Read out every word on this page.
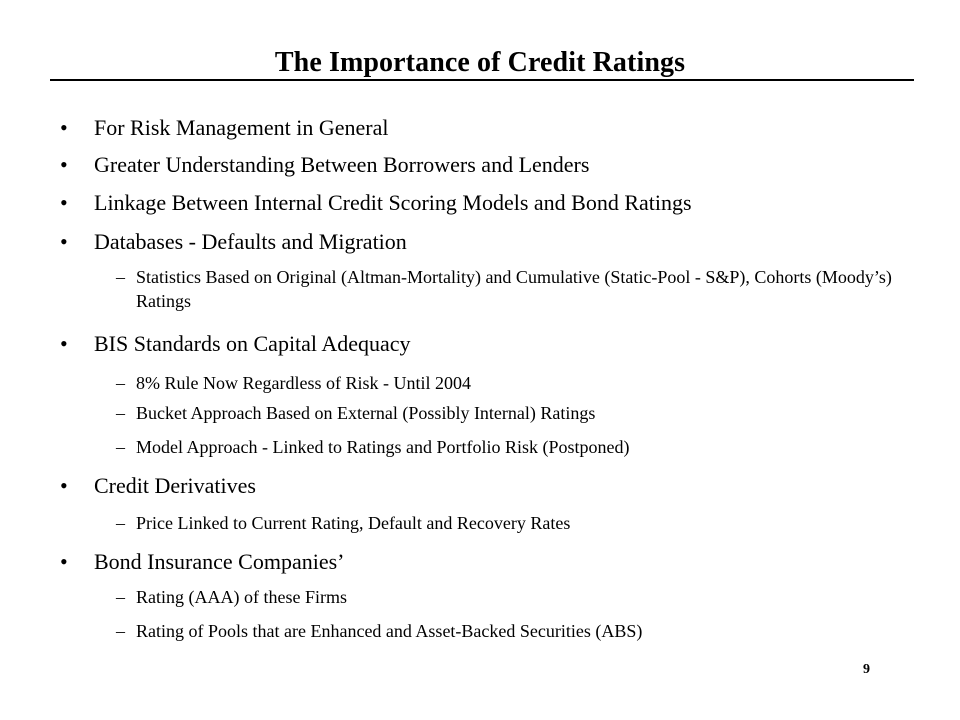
The Importance of Credit Ratings
• For Risk Management in General
• Greater Understanding Between Borrowers and Lenders
• Linkage Between Internal Credit Scoring Models and Bond Ratings
• Databases - Defaults and Migration
– Statistics Based on Original (Altman-Mortality) and Cumulative (Static-Pool - S&P), Cohorts (Moody’s) Ratings
• BIS Standards on Capital Adequacy
– 8% Rule Now Regardless of Risk - Until 2004
– Bucket Approach Based on External (Possibly Internal) Ratings
– Model Approach - Linked to Ratings and Portfolio Risk (Postponed)
• Credit Derivatives
– Price Linked to Current Rating, Default and Recovery Rates
• Bond Insurance Companies’
– Rating (AAA) of these Firms
– Rating of Pools that are Enhanced and Asset-Backed Securities (ABS)
9
